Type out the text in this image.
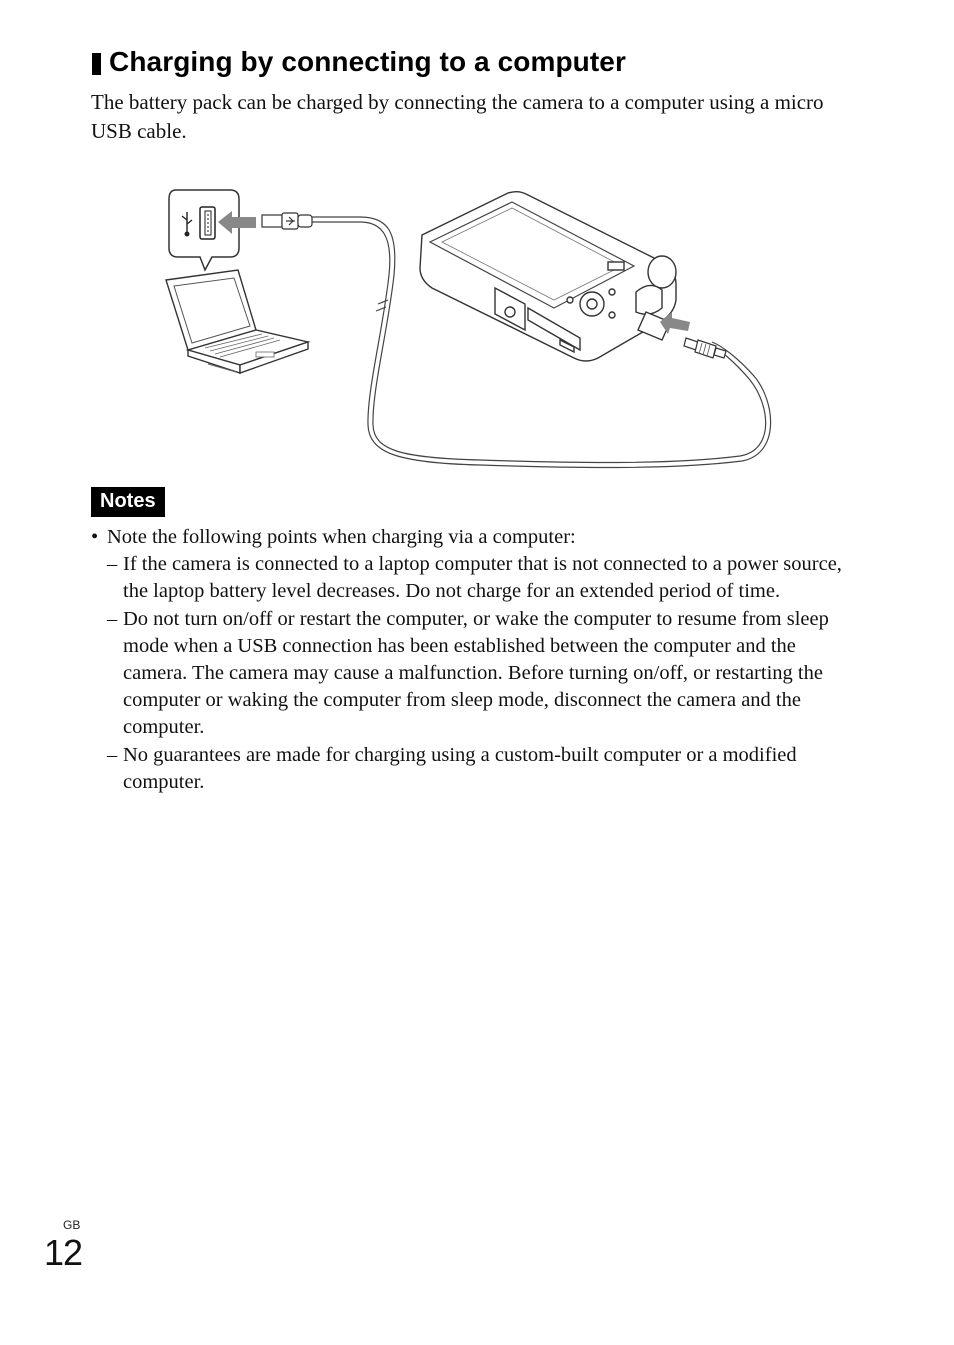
Charging by connecting to a computer
The battery pack can be charged by connecting the camera to a computer using a micro USB cable.
Notes
• Note the following points when charging via a computer:
– If the camera is connected to a laptop computer that is not connected to a power source, the laptop battery level decreases. Do not charge for an extended period of time.
– Do not turn on/off or restart the computer, or wake the computer to resume from sleep mode when a USB connection has been established between the computer and the camera. The camera may cause a malfunction. Before turning on/off, or restarting the computer or waking the computer from sleep mode, disconnect the camera and the computer.
– No guarantees are made for charging using a custom-built computer or a modified computer.
GB
12
